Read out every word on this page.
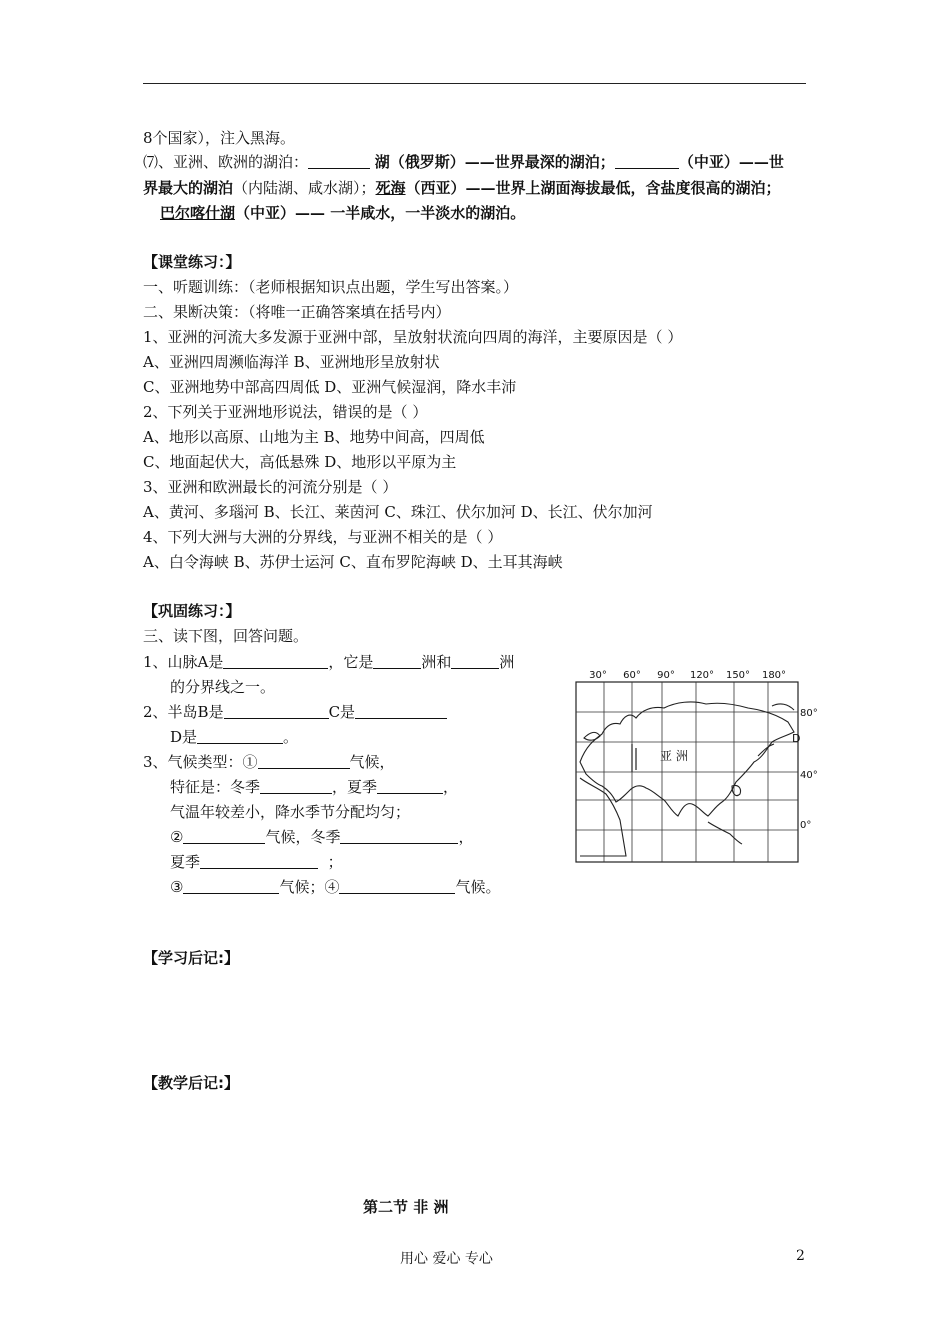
8个国家），注入黑海。
⑺、亚洲、欧洲的湖泊：	湖（俄罗斯）——世界最深的湖泊；	（中亚）——世
界最大的湖泊（内陆湖、咸水湖）；死海（西亚）——世界上湖面海拔最低，含盐度很高的湖泊；
巴尔喀什湖（中亚）—— 一半咸水，一半淡水的湖泊。
【课堂练习：】
一、听题训练：（老师根据知识点出题，学生写出答案。）
二、果断决策：（将唯一正确答案填在括号内）
1、亚洲的河流大多发源于亚洲中部，呈放射状流向四周的海洋，主要原因是（ ）
A、亚洲四周濒临海洋 B、亚洲地形呈放射状
C、亚洲地势中部高四周低 D、亚洲气候湿润，降水丰沛
2、下列关于亚洲地形说法，错误的是（ ）
A、地形以高原、山地为主 B、地势中间高，四周低
C、地面起伏大，高低悬殊 D、地形以平原为主
3、亚洲和欧洲最长的河流分别是（ ）
A、黄河、多瑙河 B、长江、莱茵河 C、珠江、伏尔加河 D、长江、伏尔加河
4、下列大洲与大洲的分界线，与亚洲不相关的是（ ）
A、白令海峡 B、苏伊士运河 C、直布罗陀海峡 D、土耳其海峡
【巩固练习：】
三、读下图，回答问题。
1、山脉A是	，它是	洲和	洲
的分界线之一。
2、半岛B是	C是
D是	。
3、气候类型：①	气候，
特征是：冬季	，夏季	，
气温年较差小，降水季节分配均匀；
②	气候，冬季	，
夏季	；
③	气候；④	气候。
30° 60° 90° 120° 150° 180°
80°
40°
0°
D
亚 洲
【学习后记:】
【教学后记:】
第二节 非 洲
用心 爱心 专心	2
